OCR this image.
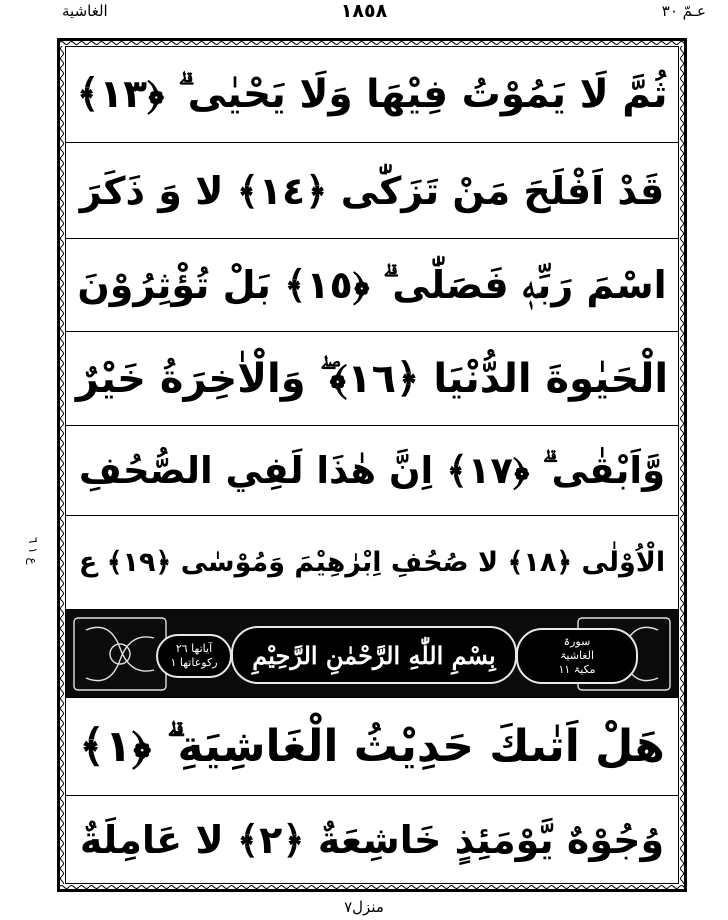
الغاشية	١٨٥٨	عـمّ ٣٠
ثُمَّ لَا يَمُوْتُ فِيْهَا وَلَا يَحْيٰى ۗ ﴿١٣﴾
قَدْ اَفْلَحَ مَنْ تَزَكّٰى ﴿١٤﴾ لا وَ ذَكَرَ
اسْمَ رَبِّهٖ فَصَلّٰى ۗ ﴿١٥﴾ بَلْ تُؤْثِرُوْنَ
الْحَيٰوةَ الدُّنْيَا ﴿١٦﴾ ۖ وَالْاٰخِرَةُ خَيْرٌ
وَّاَبْقٰى ۗ ﴿١٧﴾ اِنَّ هٰذَا لَفِي الصُّحُفِ
الْاُوْلٰى ﴿١٨﴾ لا صُحُفِ اِبْرٰهِيْمَ وَمُوْسٰى ﴿١٩﴾ ع
سورۃ
الغاشیۃ
مکیۃ ١١
بِسْمِ اللّٰهِ الرَّحْمٰنِ الرَّحِيْمِ
آیاتها ٢٦
رکوعاتها ١
هَلْ اَتٰىكَ حَدِيْثُ الْغَاشِيَةِ ۗ ﴿١﴾
وُجُوْهٌ يَّوْمَئِذٍ خَاشِعَةٌ ﴿٢﴾ لا عَامِلَةٌ
ع ١ ٦
منزل٧
